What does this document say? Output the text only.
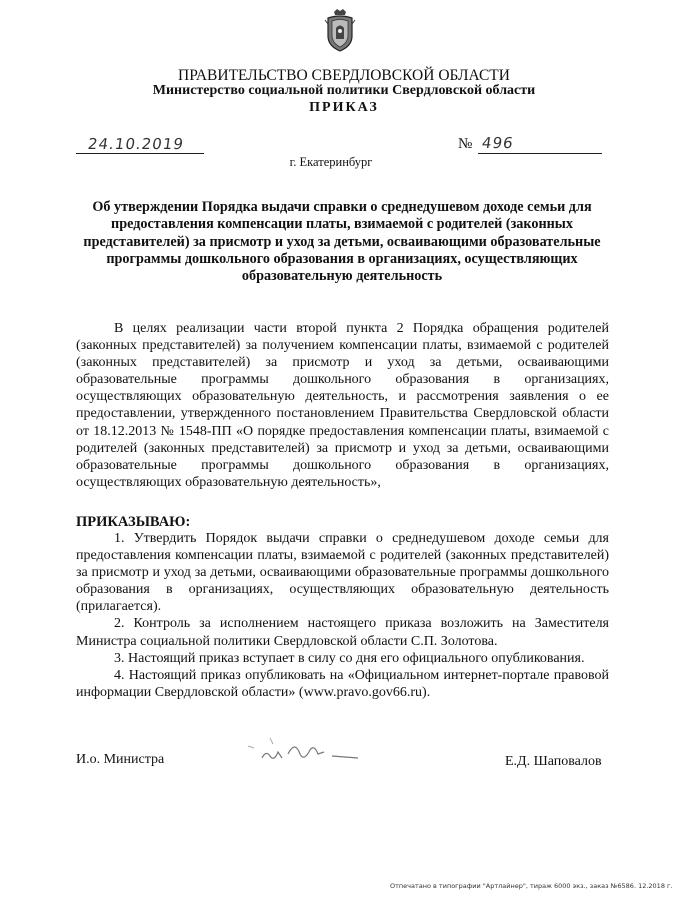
ПРАВИТЕЛЬСТВО СВЕРДЛОВСКОЙ ОБЛАСТИ
Министерство социальной политики Свердловской области
ПРИКАЗ
24.10.2019	№ 496
г. Екатеринбург
Об утверждении Порядка выдачи справки о среднедушевом доходе семьи для предоставления компенсации платы, взимаемой с родителей (законных представителей) за присмотр и уход за детьми, осваивающими образовательные программы дошкольного образования в организациях, осуществляющих образовательную деятельность
В целях реализации части второй пункта 2 Порядка обращения родителей (законных представителей) за получением компенсации платы, взимаемой с родителей (законных представителей) за присмотр и уход за детьми, осваивающими образовательные программы дошкольного образования в организациях, осуществляющих образовательную деятельность, и рассмотрения заявления о ее предоставлении, утвержденного постановлением Правительства Свердловской области от 18.12.2013 № 1548-ПП «О порядке предоставления компенсации платы, взимаемой с родителей (законных представителей) за присмотр и уход за детьми, осваивающими образовательные программы дошкольного образования в организациях, осуществляющих образовательную деятельность»,
ПРИКАЗЫВАЮ:

1. Утвердить Порядок выдачи справки о среднедушевом доходе семьи для предоставления компенсации платы, взимаемой с родителей (законных представителей) за присмотр и уход за детьми, осваивающими образовательные программы дошкольного образования в организациях, осуществляющих образовательную деятельность (прилагается).

2. Контроль за исполнением настоящего приказа возложить на Заместителя Министра социальной политики Свердловской области С.П. Золотова.

3. Настоящий приказ вступает в силу со дня его официального опубликования.

4. Настоящий приказ опубликовать на «Официальном интернет-портале правовой информации Свердловской области» (www.pravo.gov66.ru).

И.о. Министра	Е.Д. Шаповалов
Отпечатано в типографии "Артлайнер", тираж 6000 экз., заказ №6586. 12.2018 г.
